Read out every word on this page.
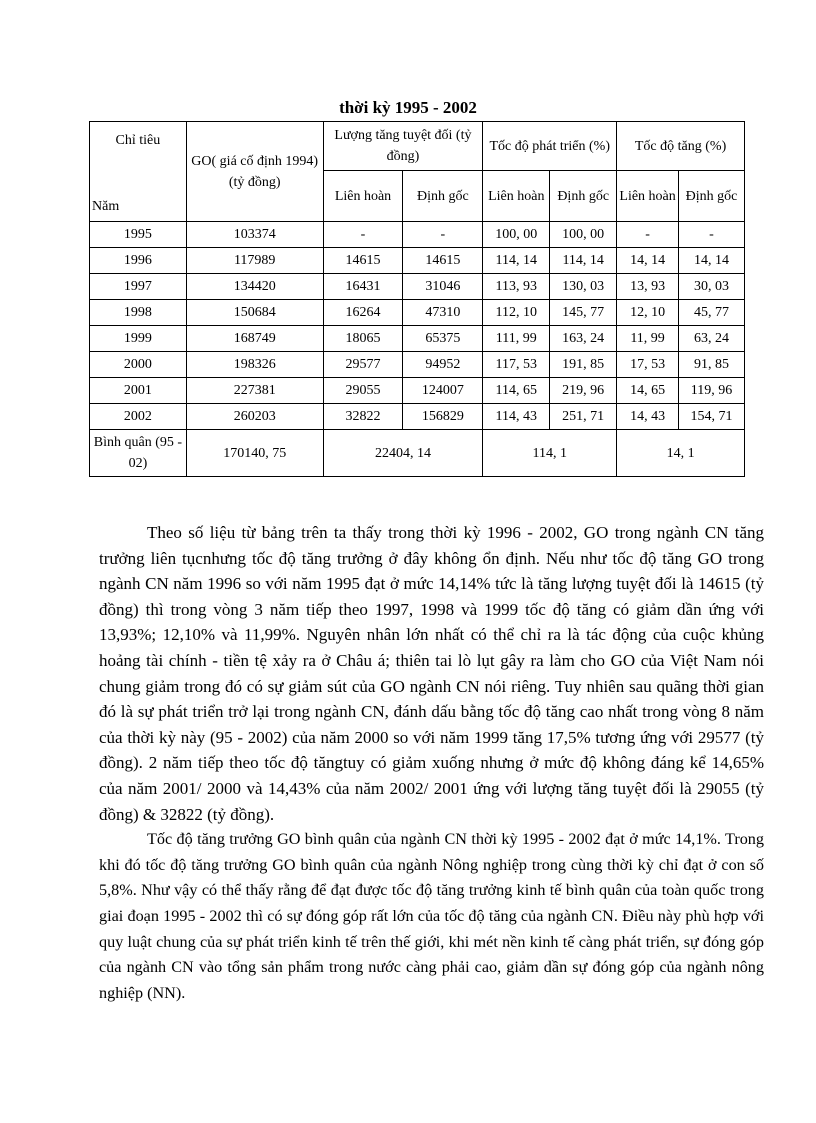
thời kỳ 1995 - 2002
Chỉ tiêu
Năm	GO( giá cố định 1994) (tỷ đồng)	Lượng tăng tuyệt đối (tỷ đồng)		Tốc độ phát triển (%)		Tốc độ tăng (%)	
		Liên hoàn	Định gốc	Liên hoàn	Định gốc	Liên hoàn	Định gốc
1995	103374	-	-	100, 00	100, 00	-	-
1996	117989	14615	14615	114, 14	114, 14	14, 14	14, 14
1997	134420	16431	31046	113, 93	130, 03	13, 93	30, 03
1998	150684	16264	47310	112, 10	145, 77	12, 10	45, 77
1999	168749	18065	65375	111, 99	163, 24	11, 99	63, 24
2000	198326	29577	94952	117, 53	191, 85	17, 53	91, 85
2001	227381	29055	124007	114, 65	219, 96	14, 65	119, 96
2002	260203	32822	156829	114, 43	251, 71	14, 43	154, 71
Bình quân (95 - 02)	170140, 75	22404, 14		114, 1		14, 1	

Theo số liệu từ bảng trên ta thấy trong thời kỳ 1996 - 2002, GO trong ngành CN tăng trưởng liên tụcnhưng tốc độ tăng trưởng ở đây không ổn định. Nếu như tốc độ tăng GO trong ngành CN năm 1996 so với năm 1995 đạt ở mức 14,14% tức là tăng lượng tuyệt đối là 14615 (tỷ đồng) thì trong vòng 3 năm tiếp theo 1997, 1998 và 1999 tốc độ tăng có giảm dần ứng với 13,93%; 12,10% và 11,99%. Nguyên nhân lớn nhất có thể chỉ ra là tác động của cuộc khủng hoảng tài chính - tiền tệ xảy ra ở Châu á; thiên tai lò lụt gây ra làm cho GO của Việt Nam nói chung giảm trong đó có sự giảm sút của GO ngành CN nói riêng. Tuy nhiên sau quãng thời gian đó là sự phát triển trở lại trong ngành CN, đánh dấu bằng tốc độ tăng cao nhất trong vòng 8 năm của thời kỳ này (95 - 2002) của năm 2000 so với năm 1999 tăng 17,5% tương ứng với 29577 (tỷ đồng). 2 năm tiếp theo tốc độ tăngtuy có giảm xuống nhưng ở mức độ không đáng kể 14,65% của năm 2001/ 2000 và 14,43% của năm 2002/ 2001 ứng với lượng tăng tuyệt đối là 29055 (tỷ đồng) & 32822 (tỷ đồng).

Tốc độ tăng trưởng GO bình quân của ngành CN thời kỳ 1995 - 2002 đạt ở mức 14,1%. Trong khi đó tốc độ tăng trưởng GO bình quân của ngành Nông nghiệp trong cùng thời kỳ chỉ đạt ở con số 5,8%. Như vậy có thể thấy rằng để đạt được tốc độ tăng trưởng kinh tế bình quân của toàn quốc trong giai đoạn 1995 - 2002 thì có sự đóng góp rất lớn của tốc độ tăng của ngành CN. Điều này phù hợp với quy luật chung của sự phát triển kinh tế trên thế giới, khi mét nền kinh tế càng phát triển, sự đóng góp của ngành CN vào tổng sản phẩm trong nước càng phải cao, giảm dần sự đóng góp của ngành nông nghiệp (NN).
